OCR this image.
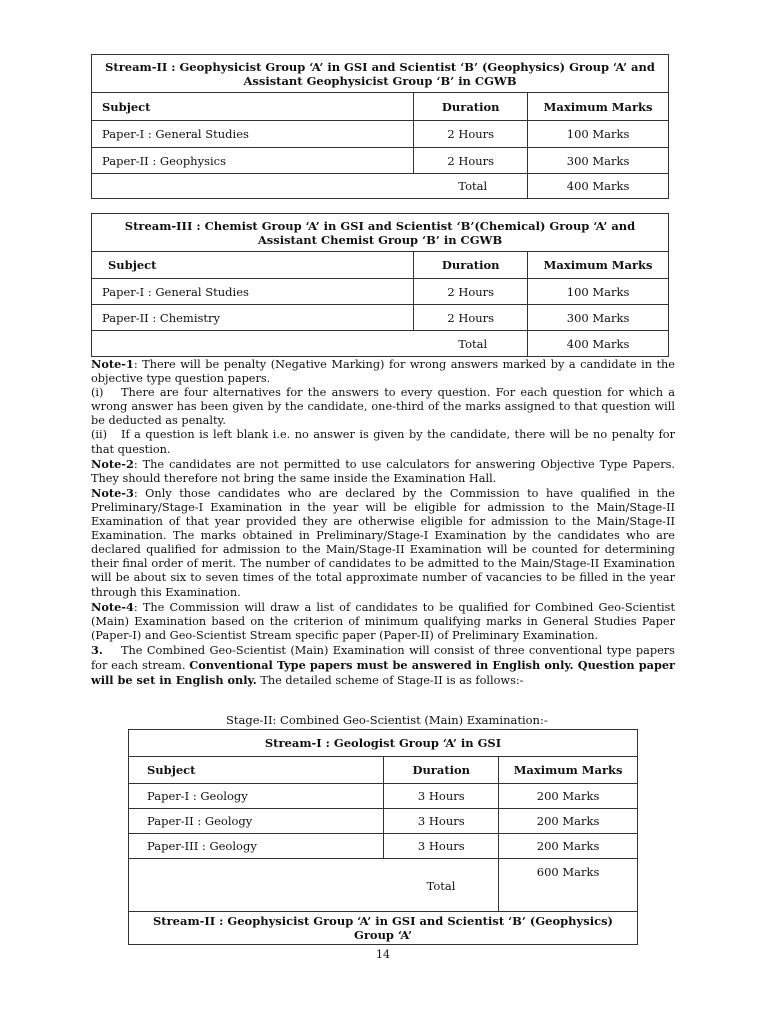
Stream-II : Geophysicist Group ‘A’ in GSI and Scientist ‘B’ (Geophysics) Group ‘A’ and Assistant Geophysicist Group ‘B’ in CGWB		
Subject	Duration	Maximum Marks
Paper-I : General Studies	2 Hours	100 Marks
Paper-II : Geophysics	2 Hours	300 Marks
Total		400 Marks
Stream-III : Chemist Group ‘A’ in GSI and Scientist ‘B’(Chemical) Group ‘A’ and Assistant Chemist Group ‘B’ in CGWB		
Subject	Duration	Maximum Marks
Paper-I : General Studies	2 Hours	100 Marks
Paper-II : Chemistry	2 Hours	300 Marks
Total		400 Marks

Note-1: There will be penalty (Negative Marking) for wrong answers marked by a candidate in the objective type question papers.

(i) There are four alternatives for the answers to every question. For each question for which a wrong answer has been given by the candidate, one-third of the marks assigned to that question will be deducted as penalty.

(ii) If a question is left blank i.e. no answer is given by the candidate, there will be no penalty for that question.

Note-2: The candidates are not permitted to use calculators for answering Objective Type Papers. They should therefore not bring the same inside the Examination Hall.

Note-3: Only those candidates who are declared by the Commission to have qualified in the Preliminary/Stage-I Examination in the year will be eligible for admission to the Main/Stage-II Examination of that year provided they are otherwise eligible for admission to the Main/Stage-II Examination. The marks obtained in Preliminary/Stage-I Examination by the candidates who are declared qualified for admission to the Main/Stage-II Examination will be counted for determining their final order of merit. The number of candidates to be admitted to the Main/Stage-II Examination will be about six to seven times of the total approximate number of vacancies to be filled in the year through this Examination.

Note-4: The Commission will draw a list of candidates to be qualified for Combined Geo-Scientist (Main) Examination based on the criterion of minimum qualifying marks in General Studies Paper (Paper-I) and Geo-Scientist Stream specific paper (Paper-II) of Preliminary Examination.

3. The Combined Geo-Scientist (Main) Examination will consist of three conventional type papers for each stream. Conventional Type papers must be answered in English only. Question paper will be set in English only. The detailed scheme of Stage-II is as follows:-

Stage-II: Combined Geo-Scientist (Main) Examination:-
Stream-I : Geologist Group ‘A’ in GSI		
Subject	Duration	Maximum Marks
Paper-I : Geology	3 Hours	200 Marks
Paper-II : Geology	3 Hours	200 Marks
Paper-III : Geology	3 Hours	200 Marks
	Total	600 Marks
Stream-II : Geophysicist Group ‘A’ in GSI and Scientist ‘B’ (Geophysics) Group ‘A’		
14
